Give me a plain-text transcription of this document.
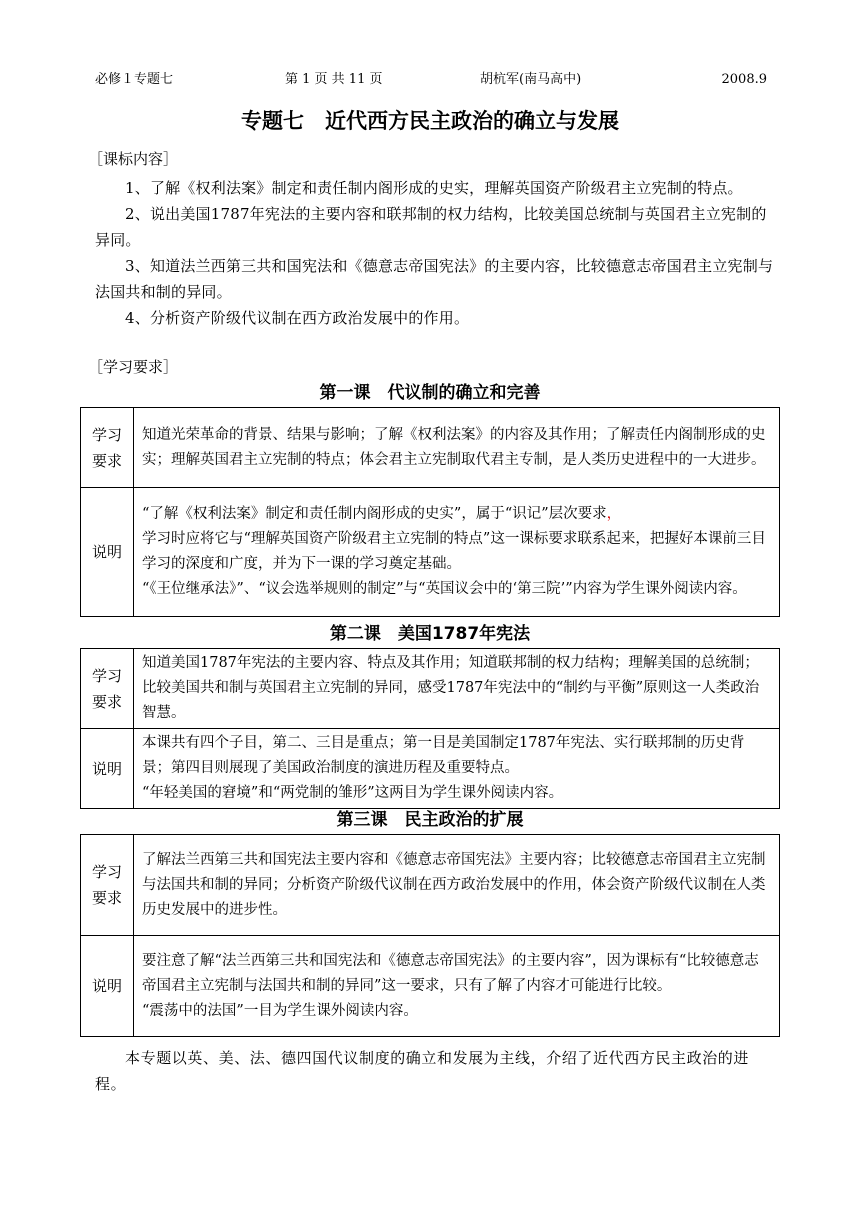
必修１专题七	第 1 页 共 11 页	胡杭军(南马高中)	2008.9
专题七　近代西方民主政治的确立与发展
［课标内容］

1、了解《权利法案》制定和责任制内阁形成的史实，理解英国资产阶级君主立宪制的特点。

2、说出美国1787年宪法的主要内容和联邦制的权力结构，比较美国总统制与英国君主立宪制的异同。

3、知道法兰西第三共和国宪法和《德意志帝国宪法》的主要内容，比较德意志帝国君主立宪制与法国共和制的异同。

4、分析资产阶级代议制在西方政治发展中的作用。

［学习要求］
第一课　代议制的确立和完善
学习要求	知道光荣革命的背景、结果与影响；了解《权利法案》的内容及其作用；了解责任内阁制形成的史实；理解英国君主立宪制的特点；体会君主立宪制取代君主专制，是人类历史进程中的一大进步。

说明	“了解《权利法案》制定和责任制内阁形成的史实”，属于“识记”层次要求，

学习时应将它与“理解英国资产阶级君主立宪制的特点”这一课标要求联系起来，把握好本课前三目学习的深度和广度，并为下一课的学习奠定基础。

“《王位继承法》”、“议会选举规则的制定”与“英国议会中的‘第三院’”内容为学生课外阅读内容。

第二课　美国1787年宪法
学习要求	知道美国1787年宪法的主要内容、特点及其作用；知道联邦制的权力结构；理解美国的总统制；比较美国共和制与英国君主立宪制的异同，感受1787年宪法中的“制约与平衡”原则这一人类政治智慧。

说明	本课共有四个子目，第二、三目是重点；第一目是美国制定1787年宪法、实行联邦制的历史背景；第四目则展现了美国政治制度的演进历程及重要特点。

“年轻美国的窘境”和“两党制的雏形”这两目为学生课外阅读内容。

第三课　民主政治的扩展
学习要求	了解法兰西第三共和国宪法主要内容和《德意志帝国宪法》主要内容；比较德意志帝国君主立宪制与法国共和制的异同；分析资产阶级代议制在西方政治发展中的作用，体会资产阶级代议制在人类历史发展中的进步性。

说明	要注意了解“法兰西第三共和国宪法和《德意志帝国宪法》的主要内容”，因为课标有“比较德意志帝国君主立宪制与法国共和制的异同”这一要求，只有了解了内容才可能进行比较。

“震荡中的法国”一目为学生课外阅读内容。

本专题以英、美、法、德四国代议制度的确立和发展为主线，介绍了近代西方民主政治的进程。
